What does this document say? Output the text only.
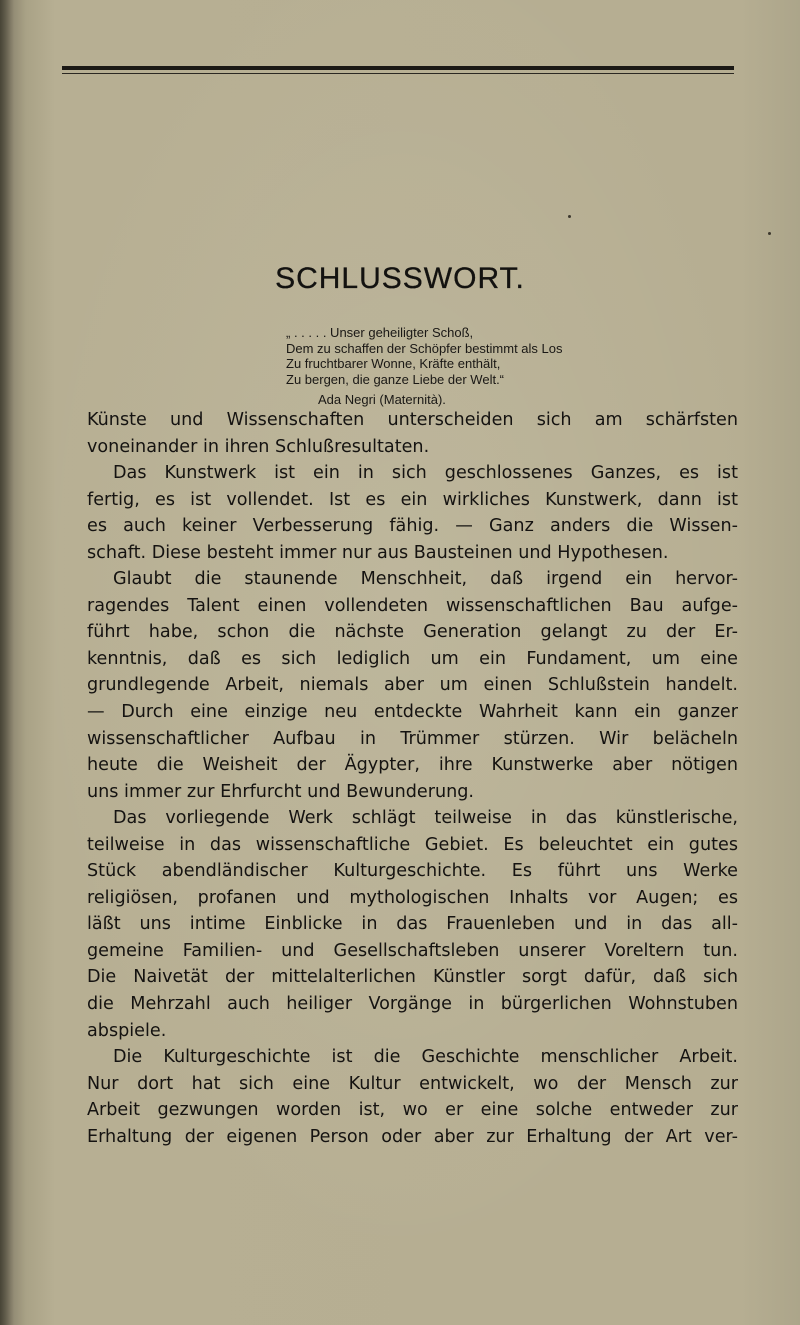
SCHLUSSWORT.
„ . . . . . Unser geheiligter Schoß,
Dem zu schaffen der Schöpfer bestimmt als Los
Zu fruchtbarer Wonne, Kräfte enthält,
Zu bergen, die ganze Liebe der Welt.“
Ada Negri (Maternità).
Künste und Wissenschaften unterscheiden sich am schärfsten
voneinander in ihren Schlußresultaten.
Das Kunstwerk ist ein in sich geschlossenes Ganzes, es ist
fertig, es ist vollendet. Ist es ein wirkliches Kunstwerk, dann ist
es auch keiner Verbesserung fähig. — Ganz anders die Wissen-
schaft. Diese besteht immer nur aus Bausteinen und Hypothesen.
Glaubt die staunende Menschheit, daß irgend ein hervor-
ragendes Talent einen vollendeten wissenschaftlichen Bau aufge-
führt habe, schon die nächste Generation gelangt zu der Er-
kenntnis, daß es sich lediglich um ein Fundament, um eine
grundlegende Arbeit, niemals aber um einen Schlußstein handelt.
— Durch eine einzige neu entdeckte Wahrheit kann ein ganzer
wissenschaftlicher Aufbau in Trümmer stürzen. Wir belächeln
heute die Weisheit der Ägypter, ihre Kunstwerke aber nötigen
uns immer zur Ehrfurcht und Bewunderung.
Das vorliegende Werk schlägt teilweise in das künstlerische,
teilweise in das wissenschaftliche Gebiet. Es beleuchtet ein gutes
Stück abendländischer Kulturgeschichte. Es führt uns Werke
religiösen, profanen und mythologischen Inhalts vor Augen; es
läßt uns intime Einblicke in das Frauenleben und in das all-
gemeine Familien- und Gesellschaftsleben unserer Voreltern tun.
Die Naivetät der mittelalterlichen Künstler sorgt dafür, daß sich
die Mehrzahl auch heiliger Vorgänge in bürgerlichen Wohnstuben
abspiele.
Die Kulturgeschichte ist die Geschichte menschlicher Arbeit.
Nur dort hat sich eine Kultur entwickelt, wo der Mensch zur
Arbeit gezwungen worden ist, wo er eine solche entweder zur
Erhaltung der eigenen Person oder aber zur Erhaltung der Art ver-
